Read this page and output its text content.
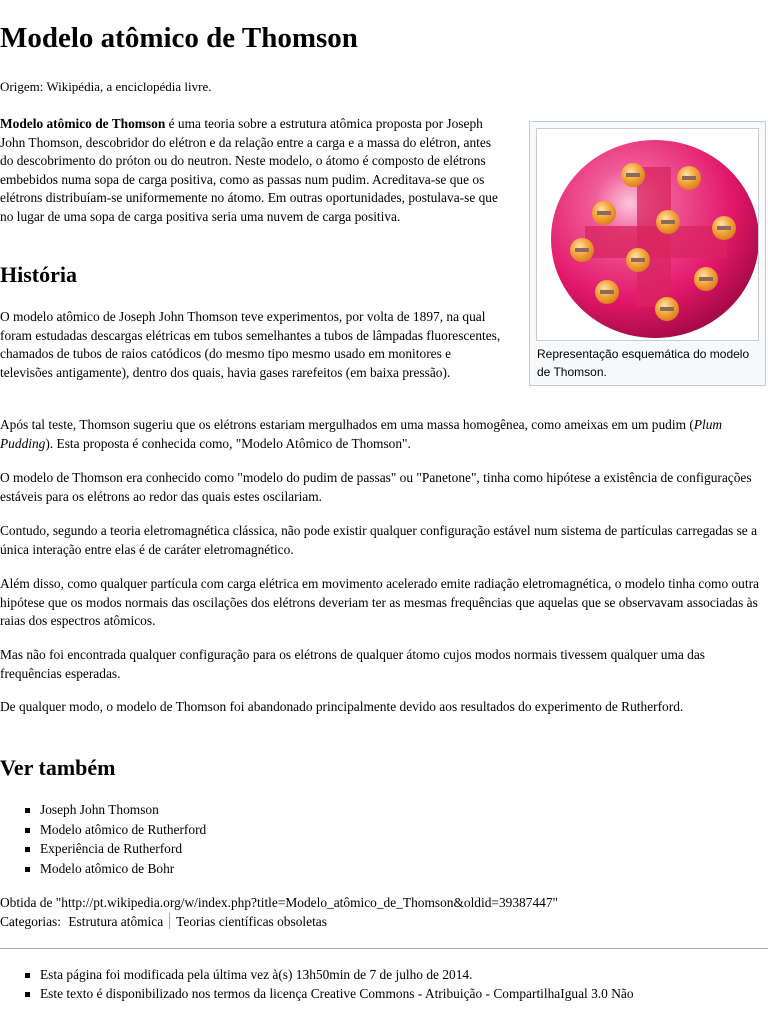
Modelo atômico de Thomson
Origem: Wikipédia, a enciclopédia livre.

Modelo atômico de Thomson é uma teoria sobre a estrutura atômica proposta por Joseph John Thomson, descobridor do elétron e da relação entre a carga e a massa do elétron, antes do descobrimento do próton ou do neutron. Neste modelo, o átomo é composto de elétrons embebidos numa sopa de carga positiva, como as passas num pudim. Acreditava-se que os elétrons distribuíam-se uniformemente no átomo. Em outras oportunidades, postulava-se que no lugar de uma sopa de carga positiva seria uma nuvem de carga positiva.

Representação esquemática do modelo de Thomson.
História

O modelo atômico de Joseph John Thomson teve experimentos, por volta de 1897, na qual foram estudadas descargas elétricas em tubos semelhantes a tubos de lâmpadas fluorescentes, chamados de tubos de raios catódicos (do mesmo tipo mesmo usado em monitores e televisões antigamente), dentro dos quais, havia gases rarefeitos (em baixa pressão).

Após tal teste, Thomson sugeriu que os elétrons estariam mergulhados em uma massa homogênea, como ameixas em um pudim (Plum Pudding). Esta proposta é conhecida como, "Modelo Atômico de Thomson".

O modelo de Thomson era conhecido como "modelo do pudim de passas" ou "Panetone", tinha como hipótese a existência de configurações estáveis para os elétrons ao redor das quais estes oscilariam.

Contudo, segundo a teoria eletromagnética clássica, não pode existir qualquer configuração estável num sistema de partículas carregadas se a única interação entre elas é de caráter eletromagnético.

Além disso, como qualquer partícula com carga elétrica em movimento acelerado emite radiação eletromagnética, o modelo tinha como outra hipótese que os modos normais das oscilações dos elétrons deveriam ter as mesmas frequências que aquelas que se observavam associadas às raias dos espectros atômicos.

Mas não foi encontrada qualquer configuração para os elétrons de qualquer átomo cujos modos normais tivessem qualquer uma das frequências esperadas.

De qualquer modo, o modelo de Thomson foi abandonado principalmente devido aos resultados do experimento de Rutherford.

Ver também
Joseph John Thomson
Modelo atômico de Rutherford
Experiência de Rutherford
Modelo atômico de Bohr

Obtida de "http://pt.wikipedia.org/w/index.php?title=Modelo_atômico_de_Thomson&oldid=39387447"

Categorias: Estrutura atômica Teorias científicas obsoletas
Esta página foi modificada pela última vez à(s) 13h50min de 7 de julho de 2014.
Este texto é disponibilizado nos termos da licença Creative Commons - Atribuição - CompartilhaIgual 3.0 Não
